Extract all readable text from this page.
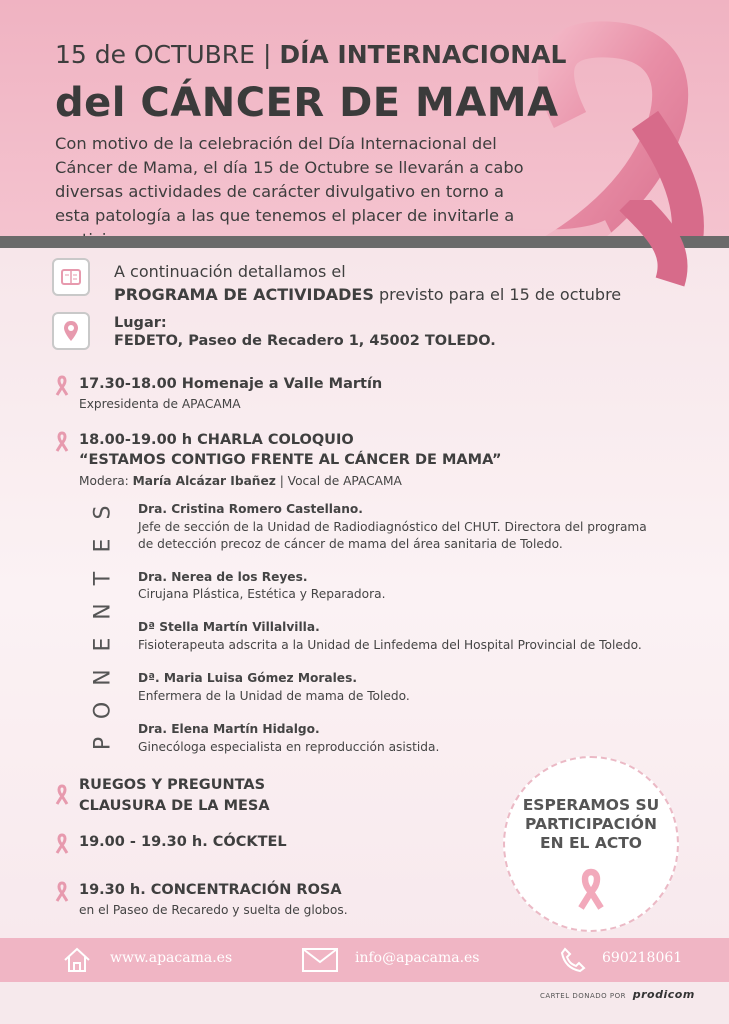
15 de OCTUBRE | DÍA INTERNACIONAL
del CÁNCER DE MAMA
Con motivo de la celebración del Día Internacional del Cáncer de Mama, el día 15 de Octubre se llevarán a cabo diversas actividades de carácter divulgativo en torno a esta patología a las que tenemos el placer de invitarle a
A continuación detallamos el
PROGRAMA DE ACTIVIDADES previsto para el 15 de octubre
Lugar:
FEDETO, Paseo de Recadero 1, 45002 TOLEDO.
17.30-18.00 Homenaje a Valle Martín
Expresidenta de APACAMA
18.00-19.00 h CHARLA COLOQUIO
“ESTAMOS CONTIGO FRENTE AL CÁNCER DE MAMA”
Modera: María Alcázar Ibañez | Vocal de APACAMA
S
E
T
N
E
N
O
P
Dra. Cristina Romero Castellano.
Jefe de sección de la Unidad de Radiodiagnóstico del CHUT. Directora del programa
de detección precoz de cáncer de mama del área sanitaria de Toledo.
Dra. Nerea de los Reyes.
Cirujana Plástica, Estética y Reparadora.
Dª Stella Martín Villalvilla.
Fisioterapeuta adscrita a la Unidad de Linfedema del Hospital Provincial de Toledo.
Dª. Maria Luisa Gómez Morales.
Enfermera de la Unidad de mama de Toledo.
Dra. Elena Martín Hidalgo.
Ginecóloga especialista en reproducción asistida.
RUEGOS Y PREGUNTAS
CLAUSURA DE LA MESA
19.00 - 19.30 h. CÓCKTEL
19.30 h. CONCENTRACIÓN ROSA
en el Paseo de Recaredo y suelta de globos.
ESPERAMOS SU
PARTICIPACIÓN
EN EL ACTO
www.apacama.es	info@apacama.es	690218061
CARTEL DONADO POR prodicom
